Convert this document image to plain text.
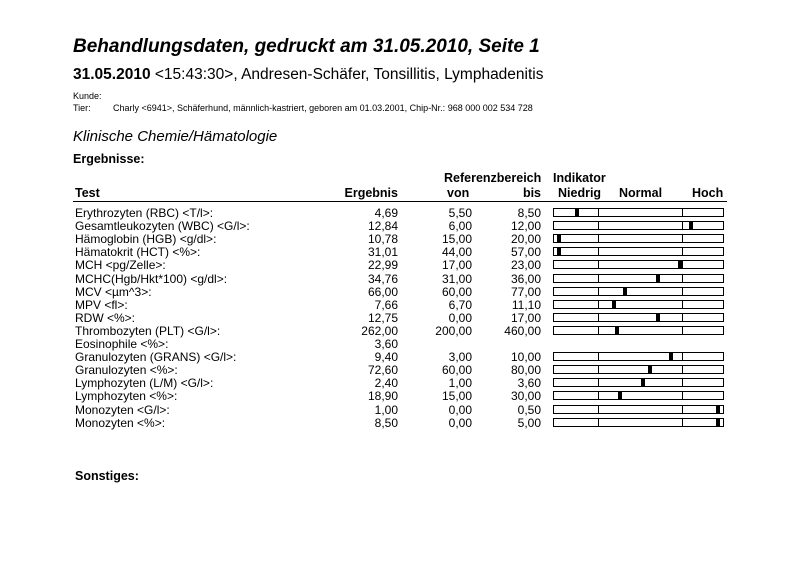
Behandlungsdaten, gedruckt am 31.05.2010, Seite 1
31.05.2010 <15:43:30>, Andresen-Schäfer, Tonsillitis, Lymphadenitis
Kunde:
Tier: Charly <6941>, Schäferhund, männlich-kastriert, geboren am 01.03.2001, Chip-Nr.: 968 000 002 534 728
Klinische Chemie/Hämatologie
Ergebnisse:
Referenzbereich Indikator
Test	Ergebnis	von	bis Niedrig Normal Hoch
Erythrozyten (RBC) <T/l>:	4,69	5,50	8,50
Gesamtleukozyten (WBC) <G/l>:	12,84	6,00	12,00
Hämoglobin (HGB) <g/dl>:	10,78	15,00	20,00
Hämatokrit (HCT) <%>:	31,01	44,00	57,00
MCH <pg/Zelle>:	22,99	17,00	23,00
MCHC(Hgb/Hkt*100) <g/dl>:	34,76	31,00	36,00
MCV <µm^3>:	66,00	60,00	77,00
MPV <fl>:	7,66	6,70	11,10
RDW <%>:	12,75	0,00	17,00
Thrombozyten (PLT) <G/l>:	262,00	200,00	460,00
Eosinophile <%>:	3,60
Granulozyten (GRANS) <G/l>:	9,40	3,00	10,00
Granulozyten <%>:	72,60	60,00	80,00
Lymphozyten (L/M) <G/l>:	2,40	1,00	3,60
Lymphozyten <%>:	18,90	15,00	30,00
Monozyten <G/l>:	1,00	0,00	0,50
Monozyten <%>:	8,50	0,00	5,00
Sonstiges:
